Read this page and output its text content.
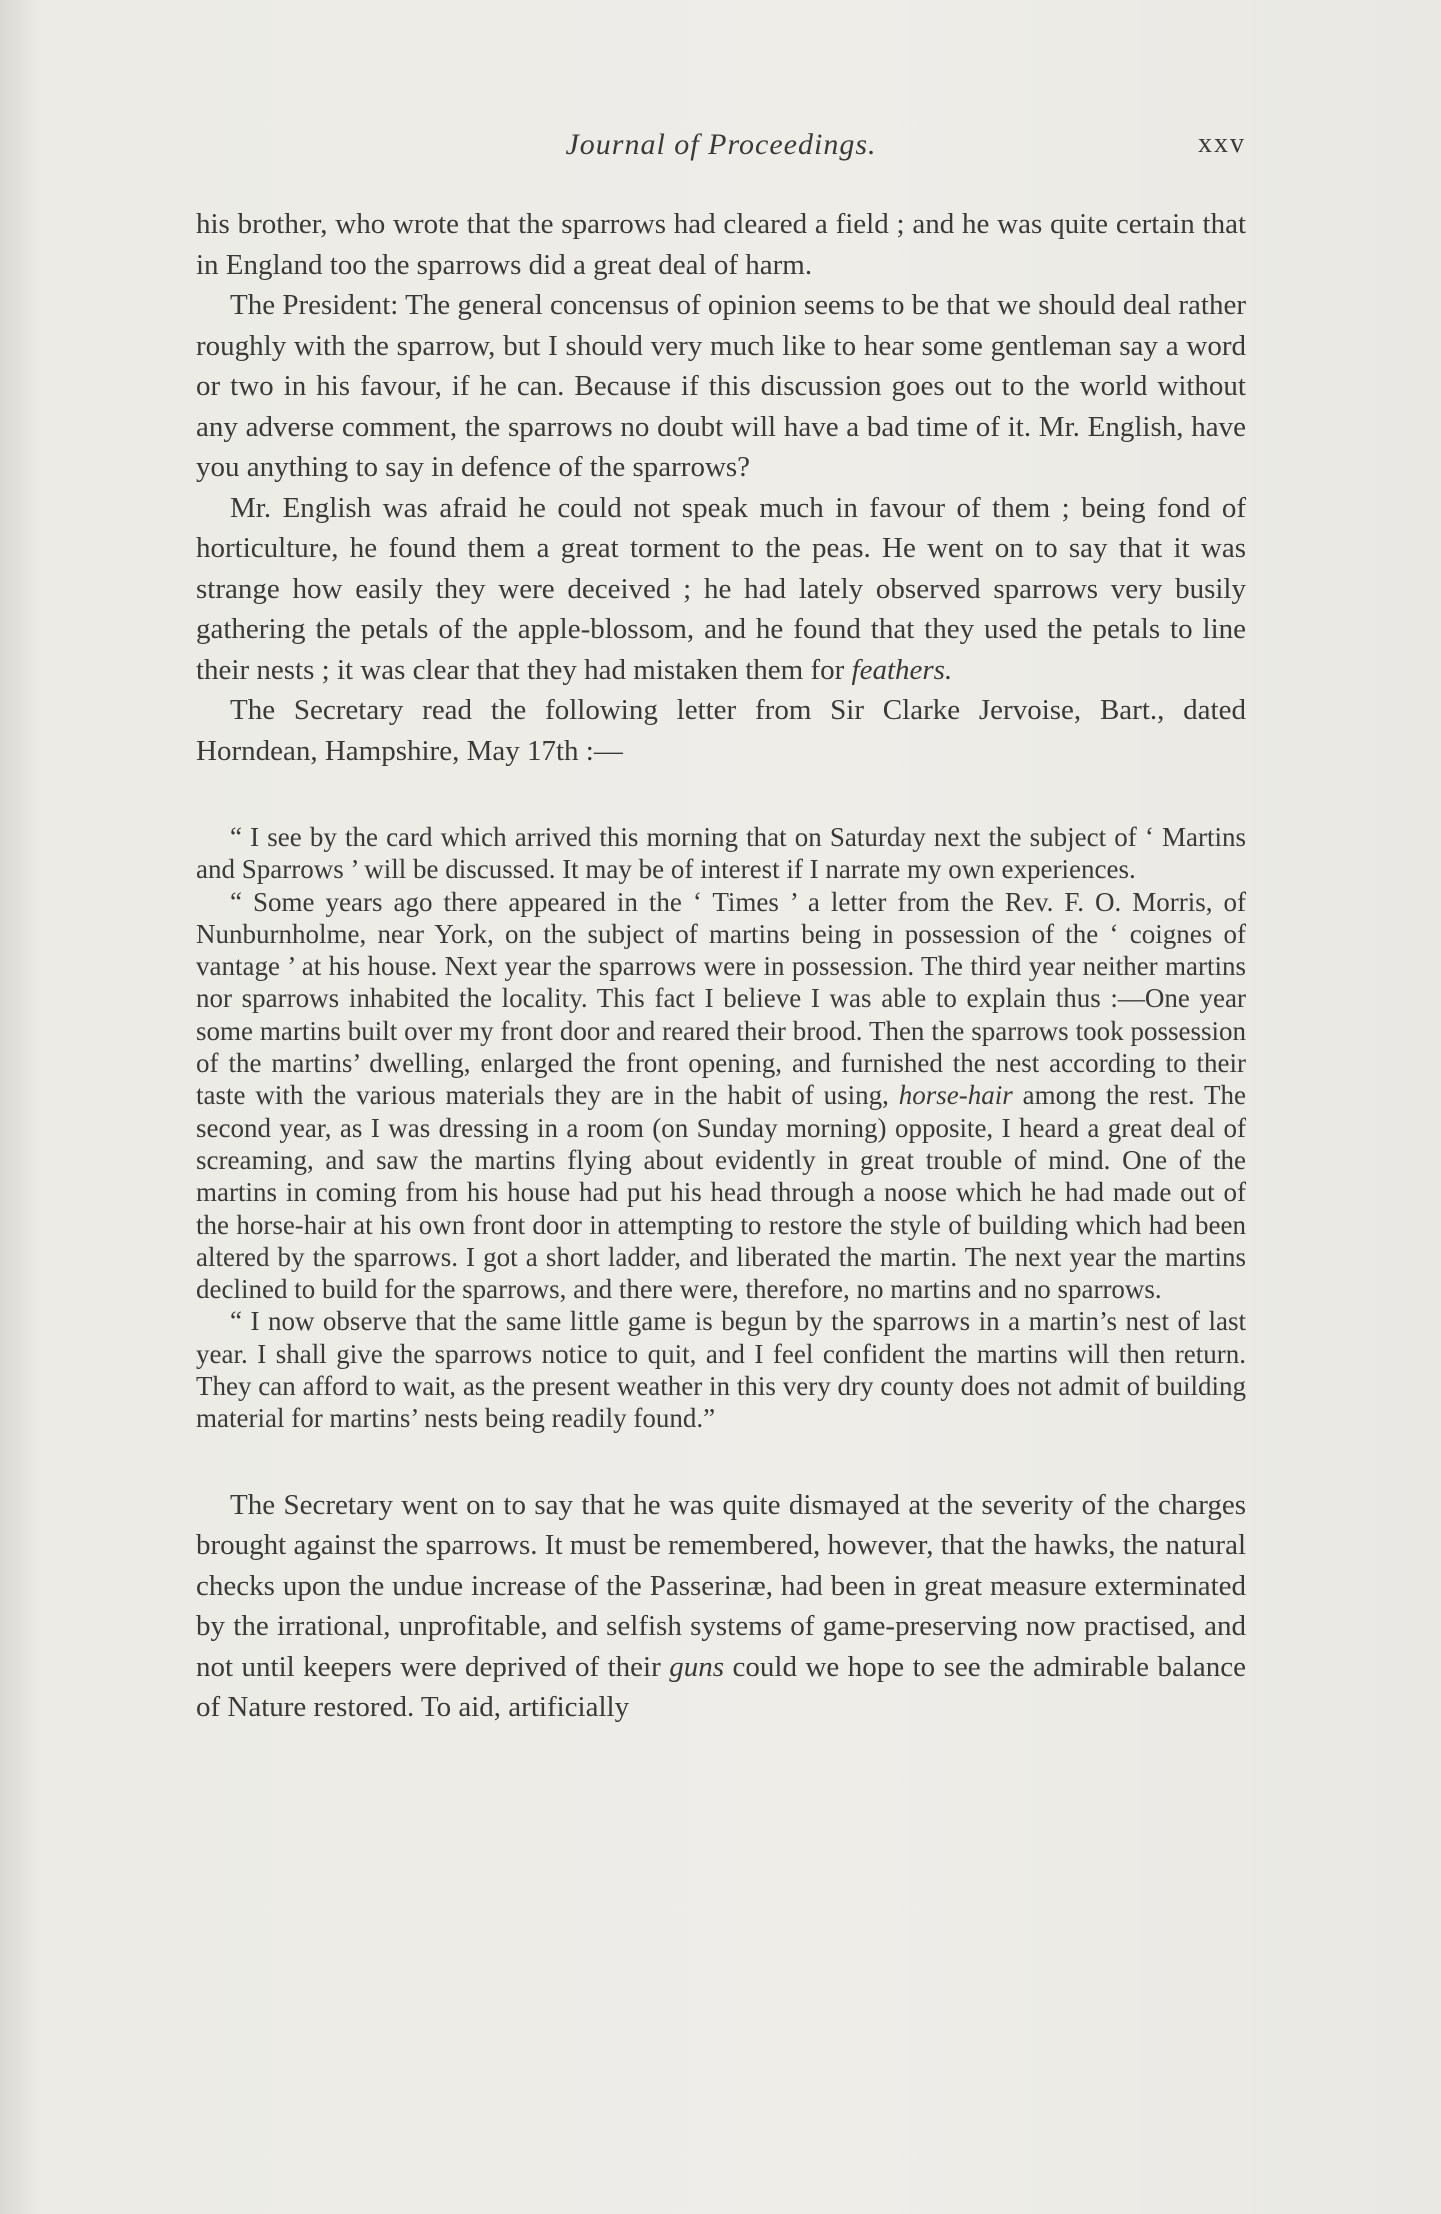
Journal of Proceedings.	xxv

his brother, who wrote that the sparrows had cleared a field ; and he was quite certain that in England too the sparrows did a great deal of harm.

The President: The general concensus of opinion seems to be that we should deal rather roughly with the sparrow, but I should very much like to hear some gentleman say a word or two in his favour, if he can. Because if this discussion goes out to the world without any adverse comment, the sparrows no doubt will have a bad time of it. Mr. English, have you anything to say in defence of the sparrows?

Mr. English was afraid he could not speak much in favour of them ; being fond of horticulture, he found them a great torment to the peas. He went on to say that it was strange how easily they were deceived ; he had lately observed sparrows very busily gathering the petals of the apple-blossom, and he found that they used the petals to line their nests ; it was clear that they had mistaken them for feathers.

The Secretary read the following letter from Sir Clarke Jervoise, Bart., dated Horndean, Hampshire, May 17th :—

“ I see by the card which arrived this morning that on Saturday next the subject of ‘ Martins and Sparrows ’ will be discussed. It may be of interest if I narrate my own experiences.

“ Some years ago there appeared in the ‘ Times ’ a letter from the Rev. F. O. Morris, of Nunburnholme, near York, on the subject of martins being in possession of the ‘ coignes of vantage ’ at his house. Next year the sparrows were in possession. The third year neither martins nor sparrows inhabited the locality. This fact I believe I was able to explain thus :—One year some martins built over my front door and reared their brood. Then the sparrows took possession of the martins’ dwelling, enlarged the front opening, and furnished the nest according to their taste with the various materials they are in the habit of using, horse-hair among the rest. The second year, as I was dressing in a room (on Sunday morning) opposite, I heard a great deal of screaming, and saw the martins flying about evidently in great trouble of mind. One of the martins in coming from his house had put his head through a noose which he had made out of the horse-hair at his own front door in attempting to restore the style of building which had been altered by the sparrows. I got a short ladder, and liberated the martin. The next year the martins declined to build for the sparrows, and there were, therefore, no martins and no sparrows.

“ I now observe that the same little game is begun by the sparrows in a martin’s nest of last year. I shall give the sparrows notice to quit, and I feel confident the martins will then return. They can afford to wait, as the present weather in this very dry county does not admit of building material for martins’ nests being readily found.”

The Secretary went on to say that he was quite dismayed at the severity of the charges brought against the sparrows. It must be remembered, however, that the hawks, the natural checks upon the undue increase of the Passerinæ, had been in great measure exterminated by the irrational, unprofitable, and selfish systems of game-preserving now practised, and not until keepers were deprived of their guns could we hope to see the admirable balance of Nature restored. To aid, artificially
